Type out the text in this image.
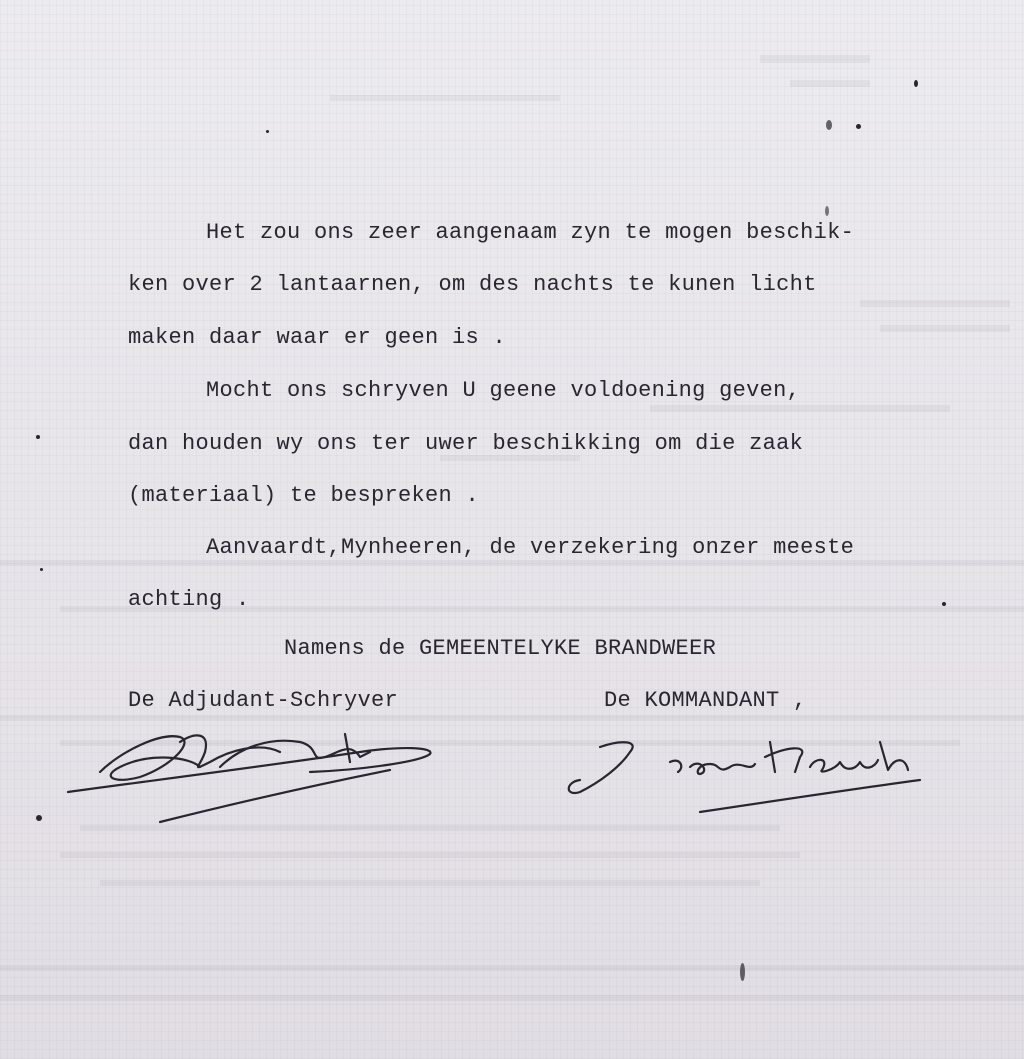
Het zou ons zeer aangenaam zyn te mogen beschik-
ken over 2 lantaarnen, om des nachts te kunen licht
maken daar waar er geen is .
Mocht ons schryven U geene voldoening geven,
dan houden wy ons ter uwer beschikking om die zaak
(materiaal) te bespreken .
Aanvaardt,Mynheeren, de verzekering onzer meeste
achting .
Namens de GEMEENTELYKE BRANDWEER
De Adjudant-Schryver	De KOMMANDANT ,
